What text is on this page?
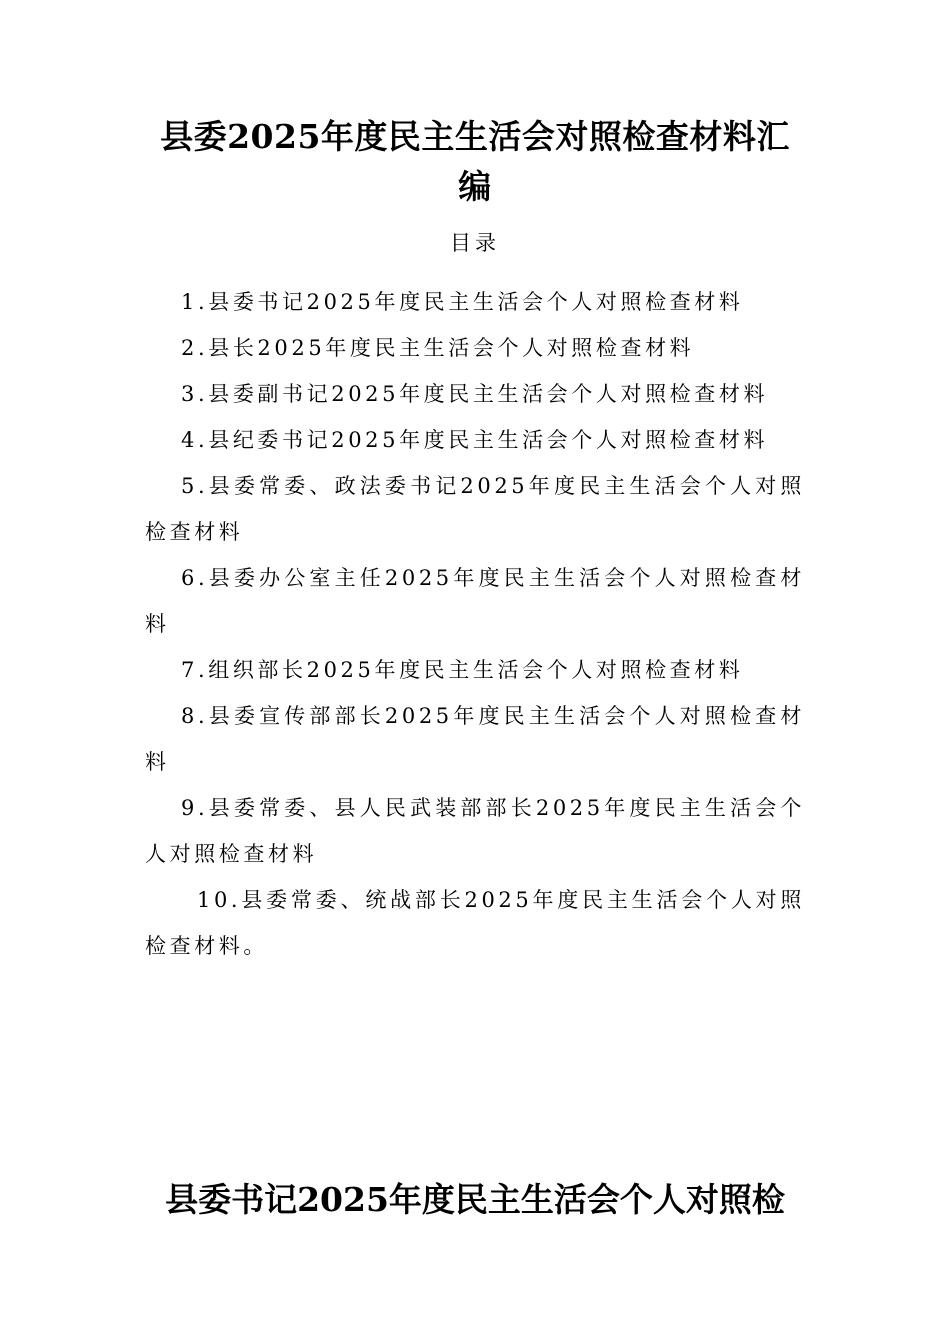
县委2025年度民主生活会对照检查材料汇编
目录
1.县委书记2025年度民主生活会个人对照检查材料
2.县长2025年度民主生活会个人对照检查材料
3.县委副书记2025年度民主生活会个人对照检查材料
4.县纪委书记2025年度民主生活会个人对照检查材料
5.县委常委、政法委书记2025年度民主生活会个人对照检查材料
6.县委办公室主任2025年度民主生活会个人对照检查材料
7.组织部长2025年度民主生活会个人对照检查材料
8.县委宣传部部长2025年度民主生活会个人对照检查材料
9.县委常委、县人民武装部部长2025年度民主生活会个人对照检查材料
10.县委常委、统战部长2025年度民主生活会个人对照检查材料。
县委书记2025年度民主生活会个人对照检
